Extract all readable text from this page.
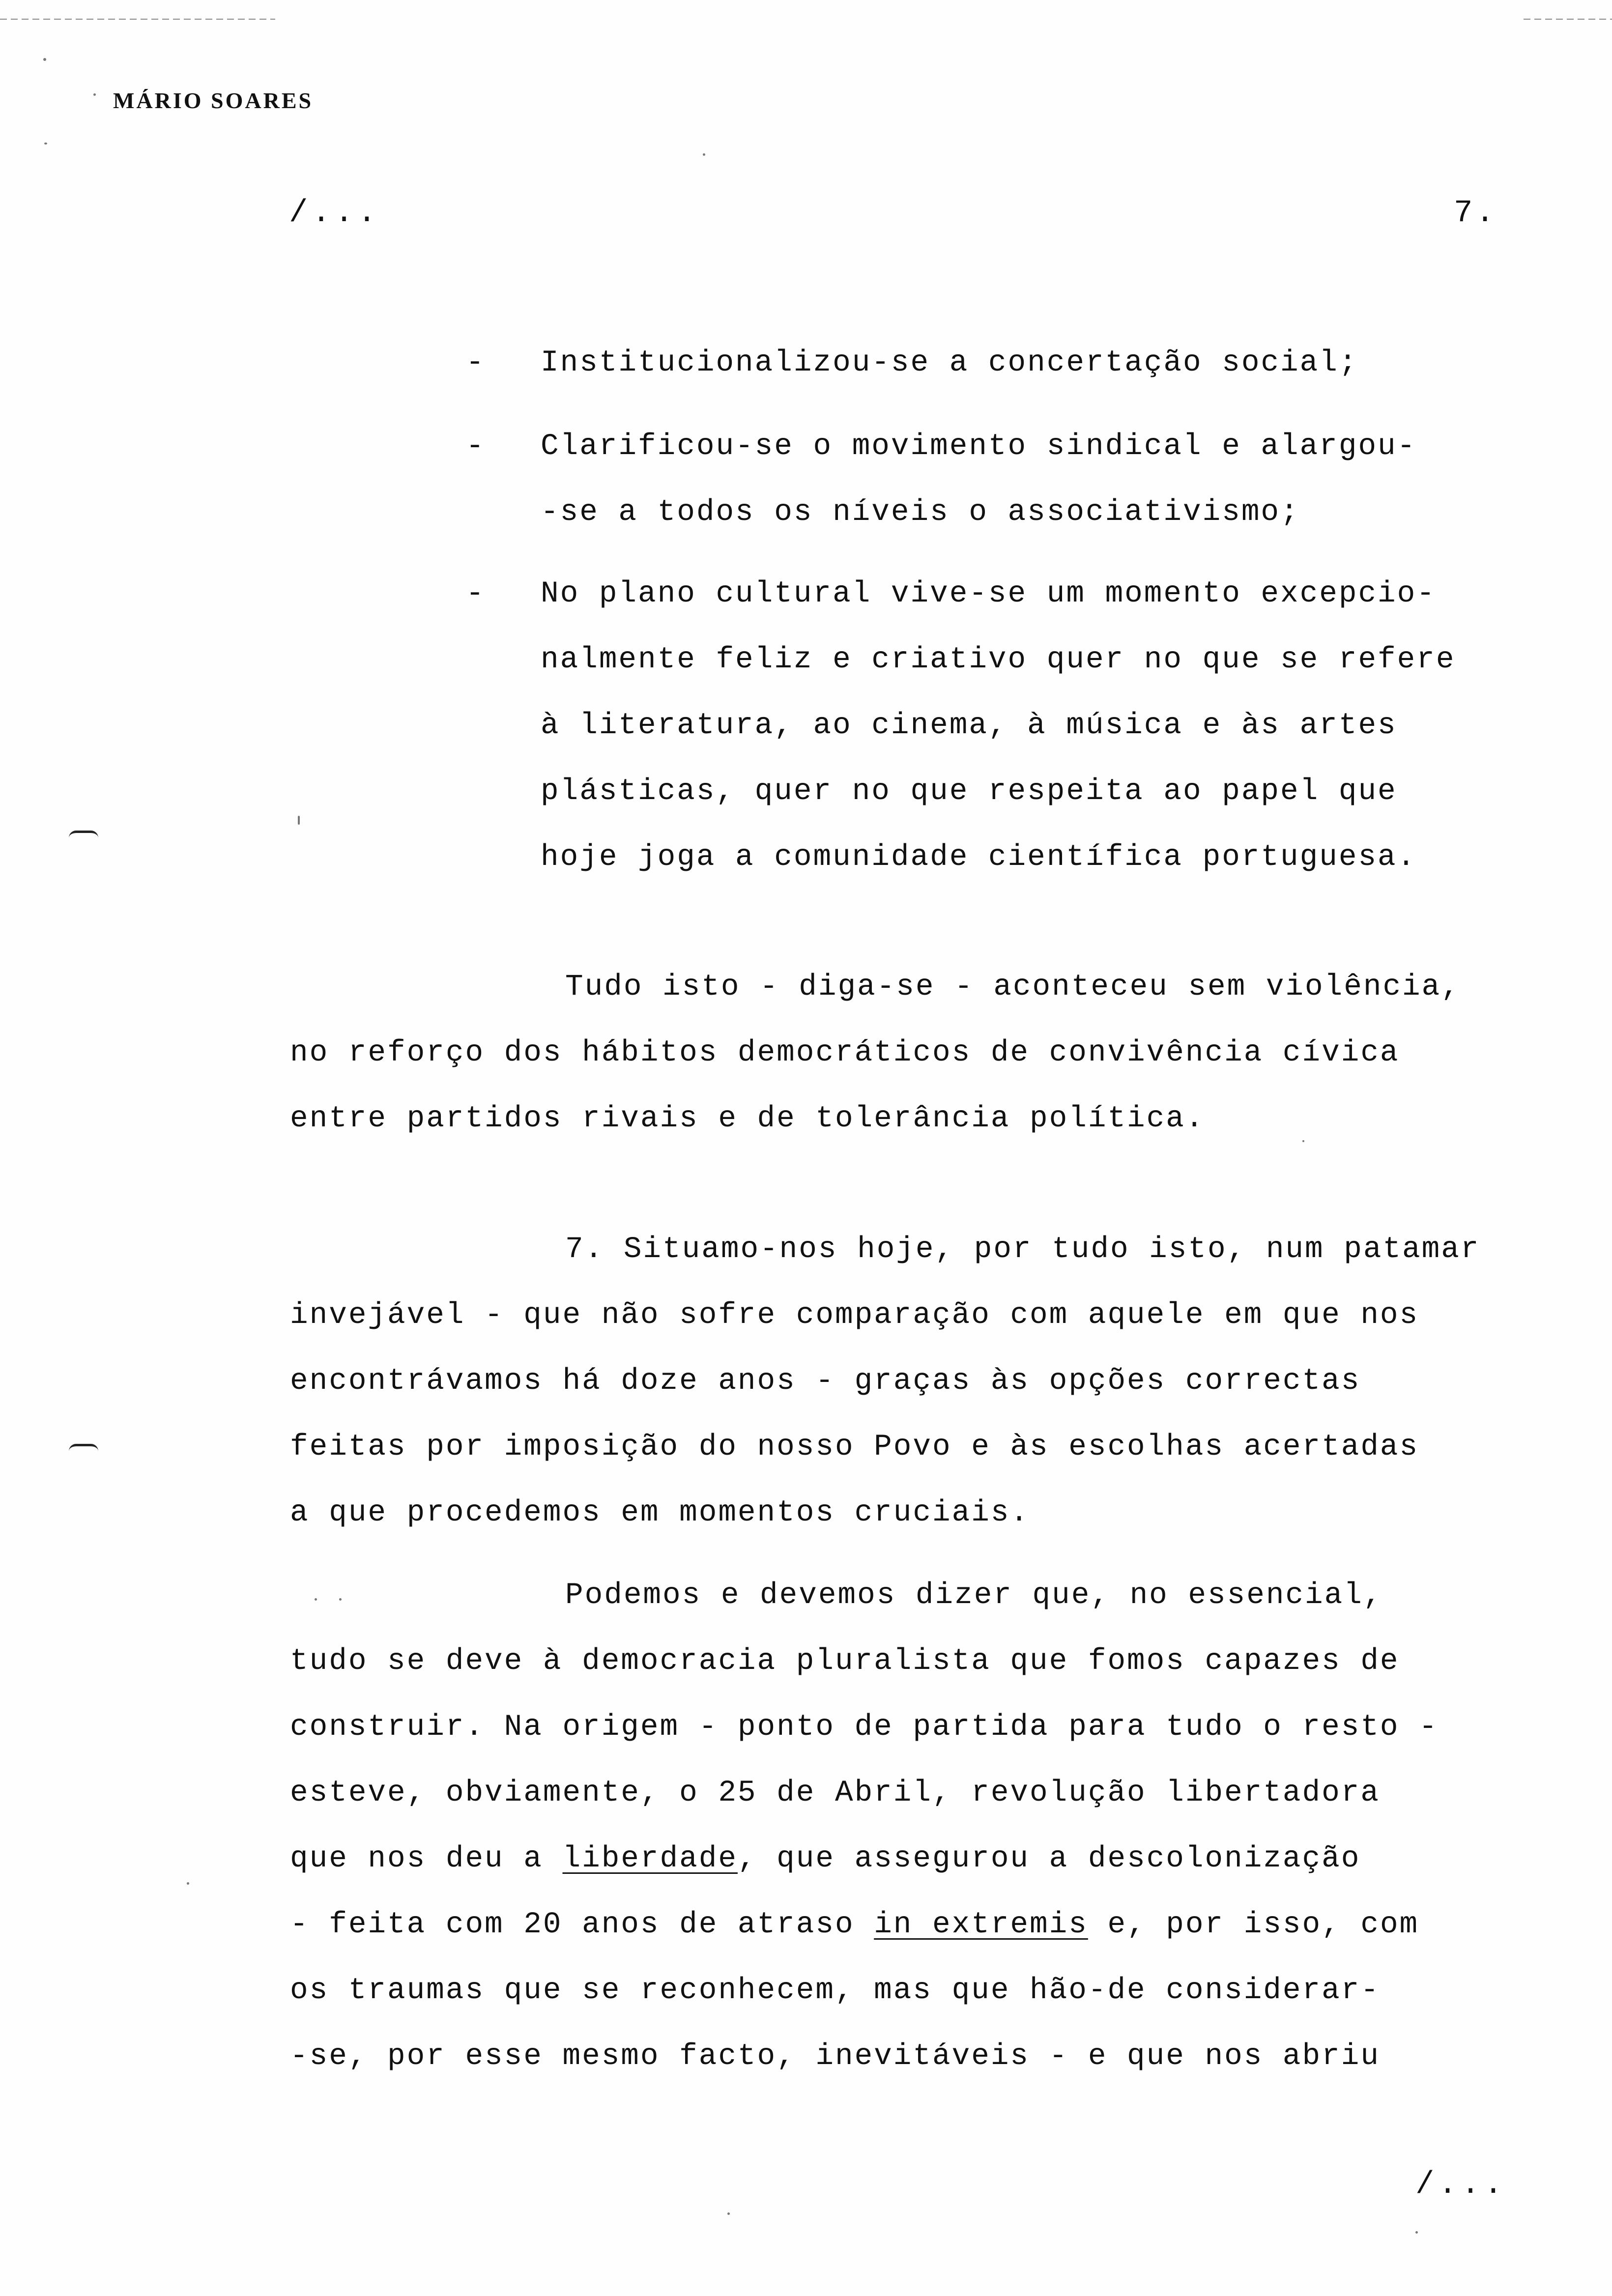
MÁRIO SOARES
/...	7.
- Institucionalizou-se a concertação social;
- Clarificou-se o movimento sindical e alargou-
-se a todos os níveis o associativismo;
- No plano cultural vive-se um momento excepcio-
nalmente feliz e criativo quer no que se refere
à literatura, ao cinema, à música e às artes
plásticas, quer no que respeita ao papel que
hoje joga a comunidade científica portuguesa.
Tudo isto - diga-se - aconteceu sem violência,
no reforço dos hábitos democráticos de convivência cívica
entre partidos rivais e de tolerância política.
7. Situamo-nos hoje, por tudo isto, num patamar
invejável - que não sofre comparação com aquele em que nos
encontrávamos há doze anos - graças às opções correctas
feitas por imposição do nosso Povo e às escolhas acertadas
a que procedemos em momentos cruciais.
Podemos e devemos dizer que, no essencial,
tudo se deve à democracia pluralista que fomos capazes de
construir. Na origem - ponto de partida para tudo o resto -
esteve, obviamente, o 25 de Abril, revolução libertadora
que nos deu a liberdade, que assegurou a descolonização
- feita com 20 anos de atraso in extremis e, por isso, com
os traumas que se reconhecem, mas que hão-de considerar-
-se, por esse mesmo facto, inevitáveis - e que nos abriu
/...
